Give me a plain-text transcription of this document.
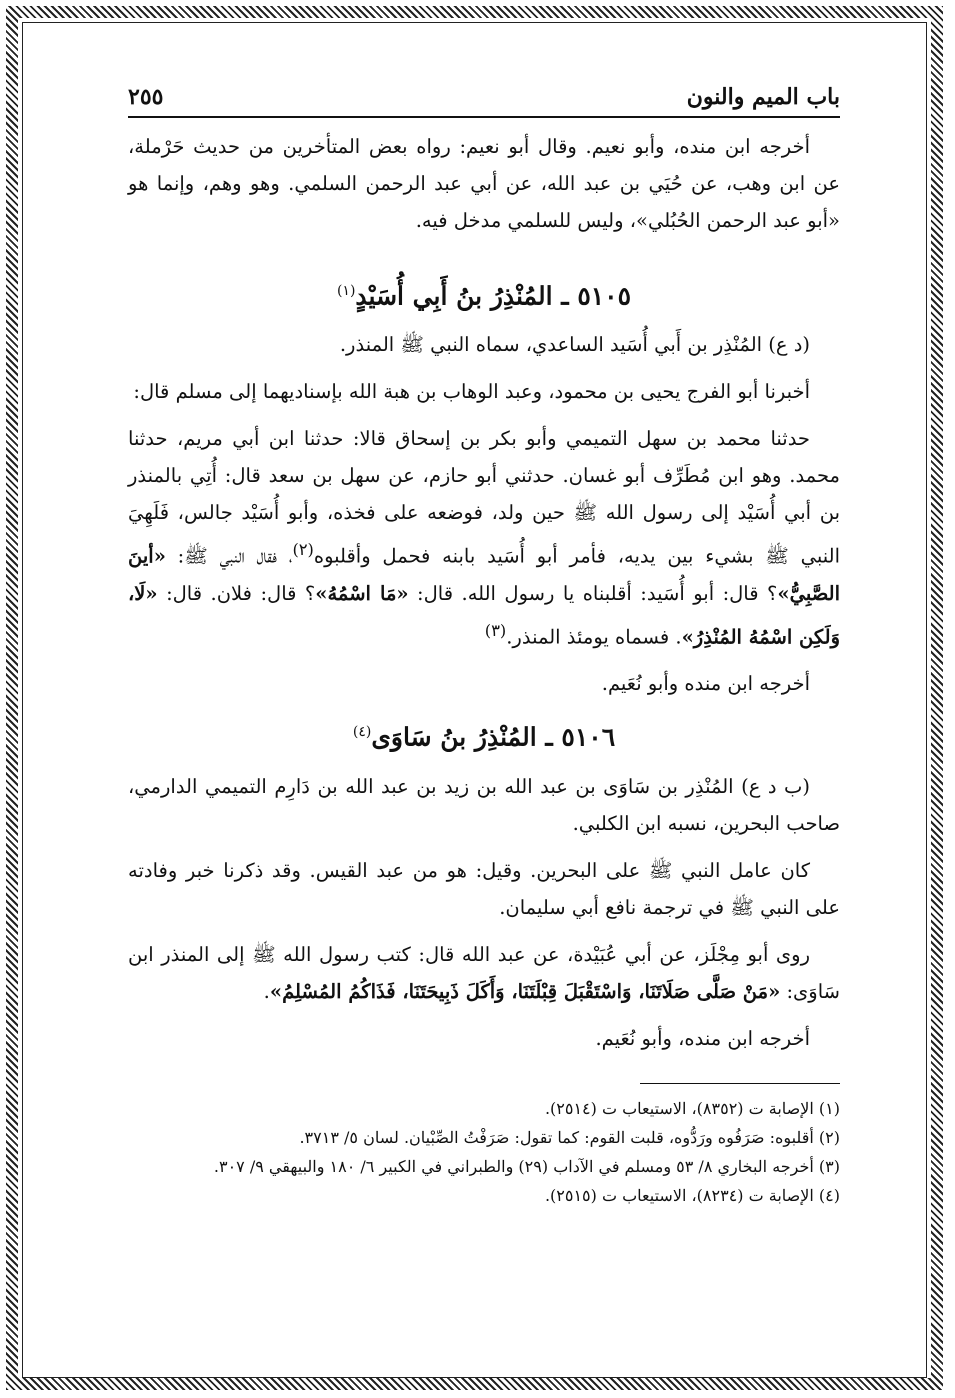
باب الميم والنون
٢٥٥

أخرجه ابن منده، وأبو نعيم. وقال أبو نعيم: رواه بعض المتأخرين من حديث حَرْملة، عن ابن وهب، عن حُيَي بن عبد الله، عن أبي عبد الرحمن السلمي. وهو وهم، وإنما هو «أبو عبد الرحمن الحُبُلي»، وليس للسلمي مدخل فيه.

٥١٠٥ ـ المُنْذِرُ بنُ أَبِي أُسَيْدٍ$^{(١)}$

(د ع) المُنْذِر بن أَبي أُسَيد الساعدي، سماه النبي ﷺ المنذر.

أخبرنا أبو الفرج يحيى بن محمود، وعبد الوهاب بن هبة الله بإسناديهما إلى مسلم قال:

حدثنا محمد بن سهل التميمي وأبو بكر بن إسحاق قالا: حدثنا ابن أبي مريم، حدثنا محمد. وهو ابن مُطَرِّف أبو غسان. حدثني أبو حازم، عن سهل بن سعد قال: أُتِي بالمنذر بن أبي أُسَيْد إلى رسول الله ﷺ حين ولد، فوضعه على فخذه، وأبو أُسَيْد جالس، فَلَهِيَ النبي ﷺ بشيء بين يديه، فأمر أبو أُسَيد بابنه فحمل وأقلبوه$^{(٢)}$، فقال النبي ﷺ: «أينَ الصَّبِيُّ»؟ قال: أبو أُسَيد: أقلبناه يا رسول الله. قال: «مَا اسْمُهُ»؟ قال: فلان. قال: «لَا، وَلَكِن اسْمُهُ المُنْذِرُ». فسماه يومئذ المنذر.$^{(٣)}$

أخرجه ابن منده وأبو نُعَيم.

٥١٠٦ ـ المُنْذِرُ بنُ سَاوَى$^{(٤)}$

(ب د ع) المُنْذِر بن سَاوَى بن عبد الله بن زيد بن عبد الله بن دَارِم التميمي الدارمي، صاحب البحرين، نسبه ابن الكلبي.

كان عامل النبي ﷺ على البحرين. وقيل: هو من عبد القيس. وقد ذكرنا خبر وفادته على النبي ﷺ في ترجمة نافع أبي سليمان.

روى أبو مِجْلَز، عن أبي عُبَيْدة، عن عبد الله قال: كتب رسول الله ﷺ إلى المنذر ابن سَاوَى: «مَنْ صَلَّى صَلَاتَنَا، وَاسْتَقْبَلَ قِبْلَتَنَا، وَأَكَلَ ذَبِيحَتَنَا، فَذَاكُمُ المُسْلِمُ».

أخرجه ابن منده، وأبو نُعَيم.

(١) الإصابة ت (٨٣٥٢)، الاستيعاب ت (٢٥١٤).
(٢) أقلبوه: صَرَفُوه ورَدُّوه، قلبت القوم: كما تقول: صَرَفْتُ الصِّبْيان. لسان ٥/ ٣٧١٣.
(٣) أخرجه البخاري ٨/ ٥٣ ومسلم في الآداب (٢٩) والطبراني في الكبير ٦/ ١٨٠ والبيهقي ٩/ ٣٠٧.
(٤) الإصابة ت (٨٢٣٤)، الاستيعاب ت (٢٥١٥).
